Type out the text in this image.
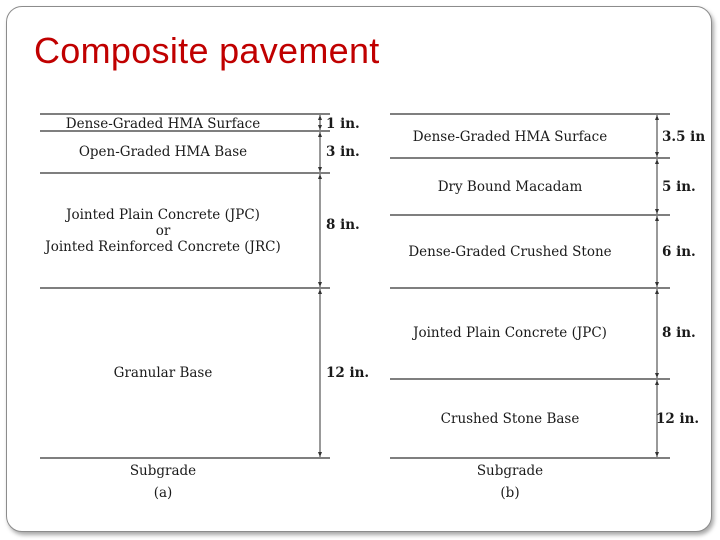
Composite pavement
Dense-Graded HMA Surface
Open-Graded HMA Base
Jointed Plain Concrete (JPC)
or
Jointed Reinforced Concrete (JRC)
Granular Base
1 in.
3 in.
8 in.
12 in.
Subgrade
(a)
Dense-Graded HMA Surface
Dry Bound Macadam
Dense-Graded Crushed Stone
Jointed Plain Concrete (JPC)
Crushed Stone Base
3.5 in
5 in.
6 in.
8 in.
12 in.
Subgrade
(b)
